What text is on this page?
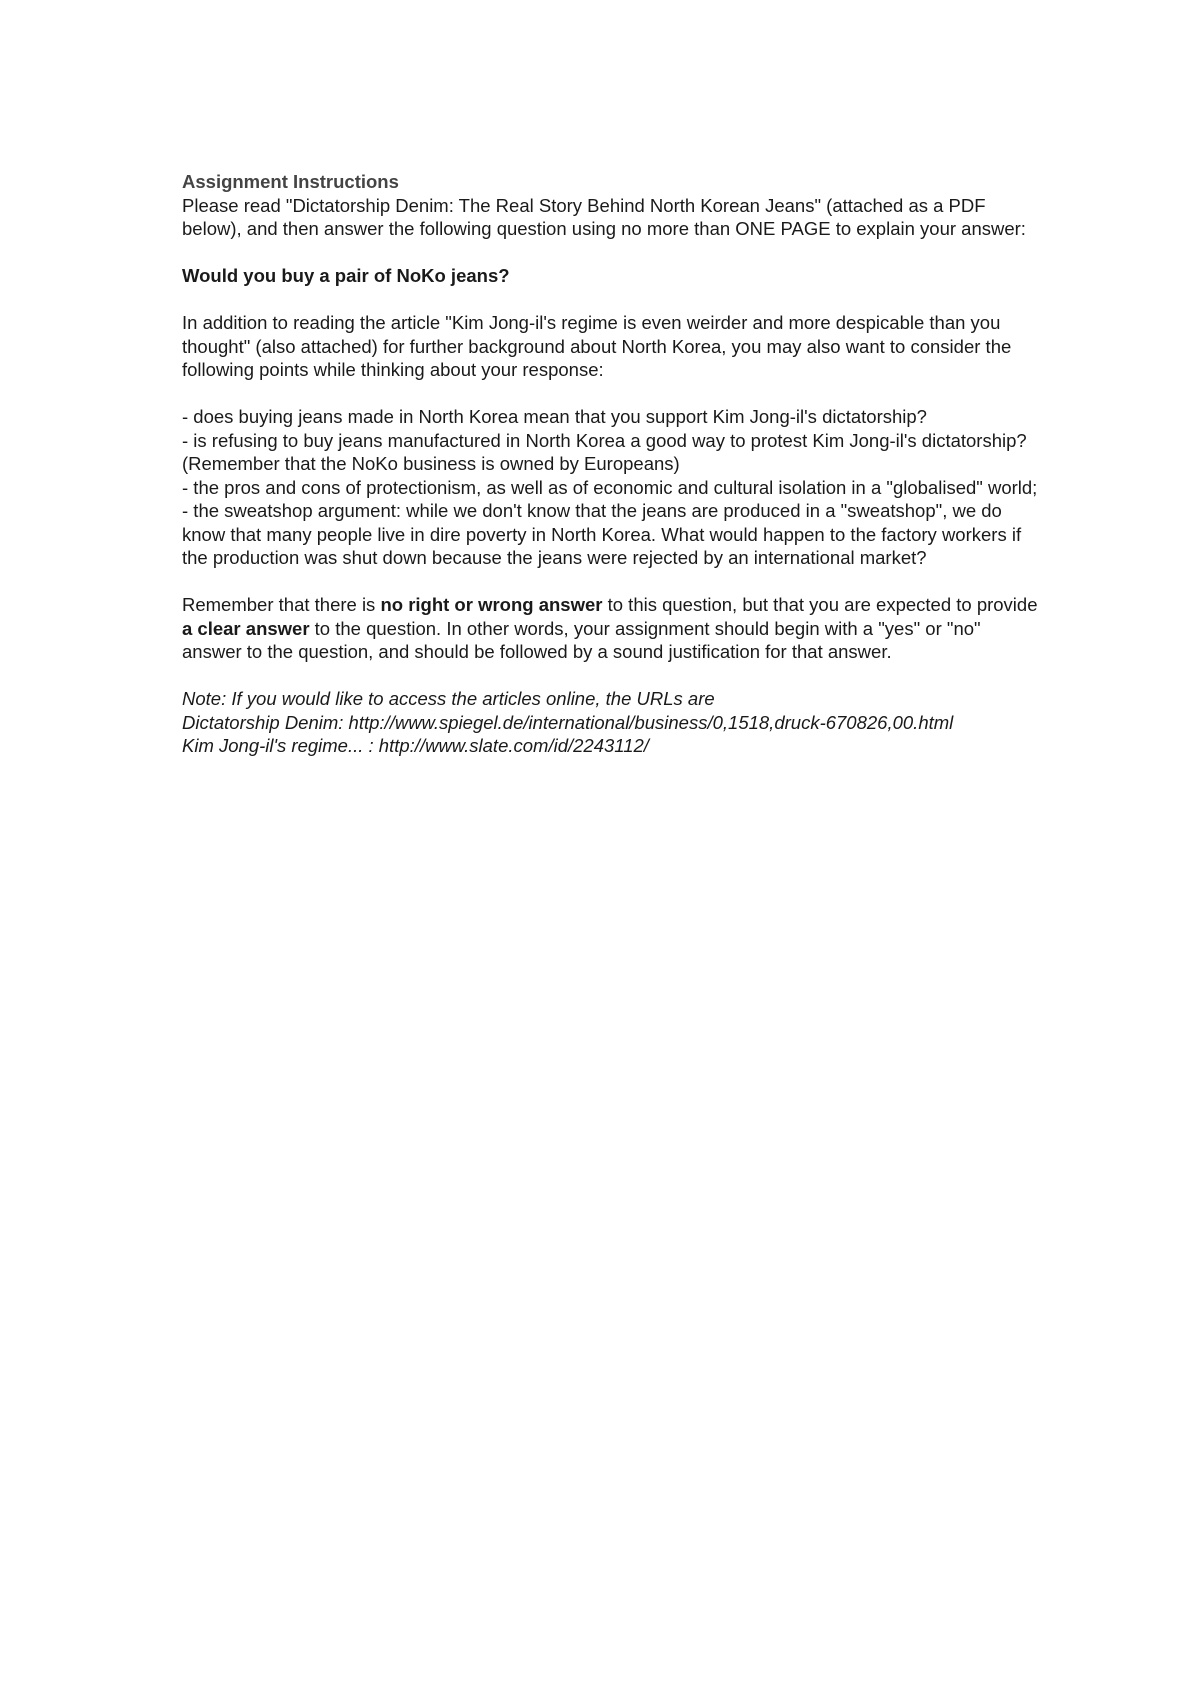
Assignment Instructions

Please read "Dictatorship Denim: The Real Story Behind North Korean Jeans" (attached as a PDF below), and then answer the following question using no more than ONE PAGE to explain your answer:

Would you buy a pair of NoKo jeans?

In addition to reading the article "Kim Jong-il's regime is even weirder and more despicable than you thought" (also attached) for further background about North Korea, you may also want to consider the following points while thinking about your response:

- does buying jeans made in North Korea mean that you support Kim Jong-il's dictatorship?

- is refusing to buy jeans manufactured in North Korea a good way to protest Kim Jong-il's dictatorship? (Remember that the NoKo business is owned by Europeans)

- the pros and cons of protectionism, as well as of economic and cultural isolation in a "globalised" world;

- the sweatshop argument: while we don't know that the jeans are produced in a "sweatshop", we do know that many people live in dire poverty in North Korea. What would happen to the factory workers if the production was shut down because the jeans were rejected by an international market?

Remember that there is no right or wrong answer to this question, but that you are expected to provide a clear answer to the question. In other words, your assignment should begin with a "yes" or "no" answer to the question, and should be followed by a sound justification for that answer.

Note: If you would like to access the articles online, the URLs are

Dictatorship Denim: http://www.spiegel.de/international/business/0,1518,druck-670826,00.html

Kim Jong-il's regime... : http://www.slate.com/id/2243112/
